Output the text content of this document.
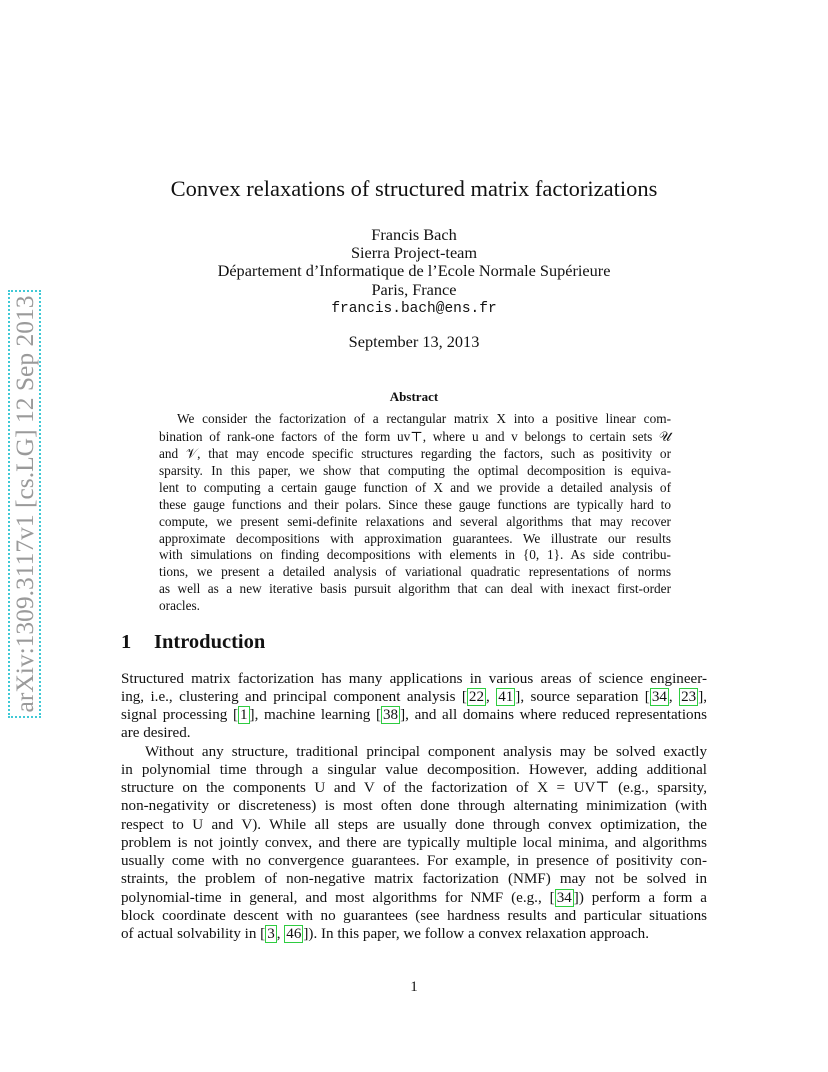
arXiv:1309.3117v1 [cs.LG] 12 Sep 2013
Convex relaxations of structured matrix factorizations
Francis Bach
Sierra Project-team
Département d’Informatique de l’Ecole Normale Supérieure
Paris, France
francis.bach@ens.fr
September 13, 2013
Abstract
We consider the factorization of a rectangular matrix X into a positive linear com-
bination of rank-one factors of the form uv⊤, where u and v belongs to certain sets 𝒰
and 𝒱, that may encode specific structures regarding the factors, such as positivity or
sparsity. In this paper, we show that computing the optimal decomposition is equiva-
lent to computing a certain gauge function of X and we provide a detailed analysis of
these gauge functions and their polars. Since these gauge functions are typically hard to
compute, we present semi-definite relaxations and several algorithms that may recover
approximate decompositions with approximation guarantees. We illustrate our results
with simulations on finding decompositions with elements in {0, 1}. As side contribu-
tions, we present a detailed analysis of variational quadratic representations of norms
as well as a new iterative basis pursuit algorithm that can deal with inexact first-order
oracles.
1 Introduction
Structured matrix factorization has many applications in various areas of science engineer-
ing, i.e., clustering and principal component analysis [ 22 , 41 ], source separation [ 34 , 23 ],
signal processing [ 1 ], machine learning [ 38 ], and all domains where reduced representations
are desired.
Without any structure, traditional principal component analysis may be solved exactly
in polynomial time through a singular value decomposition. However, adding additional
structure on the components U and V of the factorization of X = UV⊤ (e.g., sparsity,
non-negativity or discreteness) is most often done through alternating minimization (with
respect to U and V). While all steps are usually done through convex optimization, the
problem is not jointly convex, and there are typically multiple local minima, and algorithms
usually come with no convergence guarantees. For example, in presence of positivity con-
straints, the problem of non-negative matrix factorization (NMF) may not be solved in
polynomial-time in general, and most algorithms for NMF (e.g., [ 34 ]) perform a form a
block coordinate descent with no guarantees (see hardness results and particular situations
of actual solvability in [ 3 , 46 ]). In this paper, we follow a convex relaxation approach.
1
